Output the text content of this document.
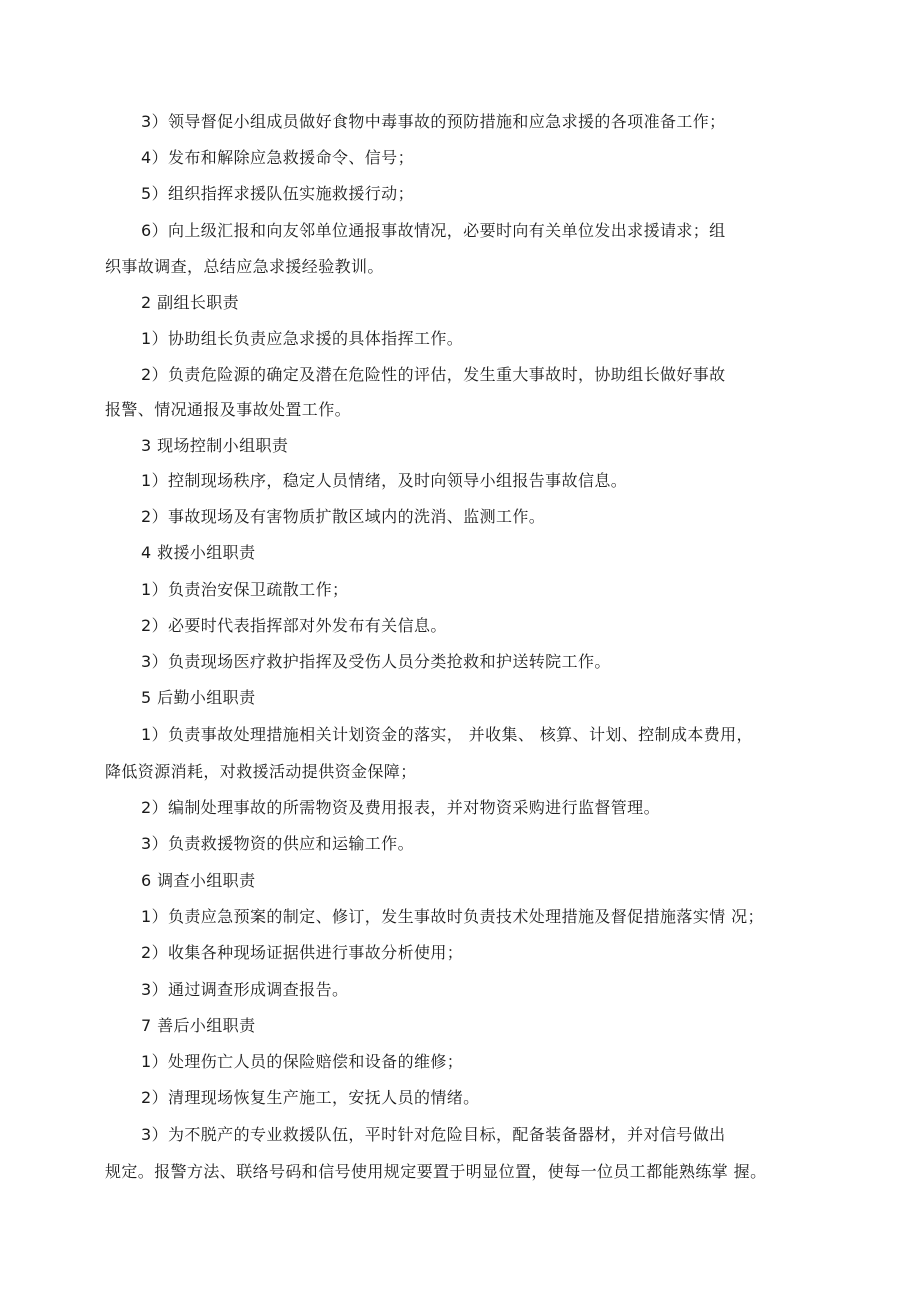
3）领导督促小组成员做好食物中毒事故的预防措施和应急求援的各项准备工作；
4）发布和解除应急救援命令、信号；
5）组织指挥求援队伍实施救援行动；
6）向上级汇报和向友邻单位通报事故情况，必要时向有关单位发出求援请求；组
织事故调查，总结应急求援经验教训。
2 副组长职责
1）协助组长负责应急求援的具体指挥工作。
2）负责危险源的确定及潜在危险性的评估，发生重大事故时，协助组长做好事故
报警、情况通报及事故处置工作。
3 现场控制小组职责
1）控制现场秩序，稳定人员情绪，及时向领导小组报告事故信息。
2）事故现场及有害物质扩散区域内的洗消、监测工作。
4 救援小组职责
1）负责治安保卫疏散工作；
2）必要时代表指挥部对外发布有关信息。
3）负责现场医疗救护指挥及受伤人员分类抢救和护送转院工作。
5 后勤小组职责
1）负责事故处理措施相关计划资金的落实， 并收集、 核算、计划、控制成本费用，
降低资源消耗，对救援活动提供资金保障；
2）编制处理事故的所需物资及费用报表，并对物资采购进行监督管理。
3）负责救援物资的供应和运输工作。
6 调查小组职责
1）负责应急预案的制定、修订，发生事故时负责技术处理措施及督促措施落实情 况；
2）收集各种现场证据供进行事故分析使用；
3）通过调查形成调查报告。
7 善后小组职责
1）处理伤亡人员的保险赔偿和设备的维修；
2）清理现场恢复生产施工，安抚人员的情绪。
3）为不脱产的专业救援队伍，平时针对危险目标，配备装备器材，并对信号做出
规定。报警方法、联络号码和信号使用规定要置于明显位置，使每一位员工都能熟练掌 握。
